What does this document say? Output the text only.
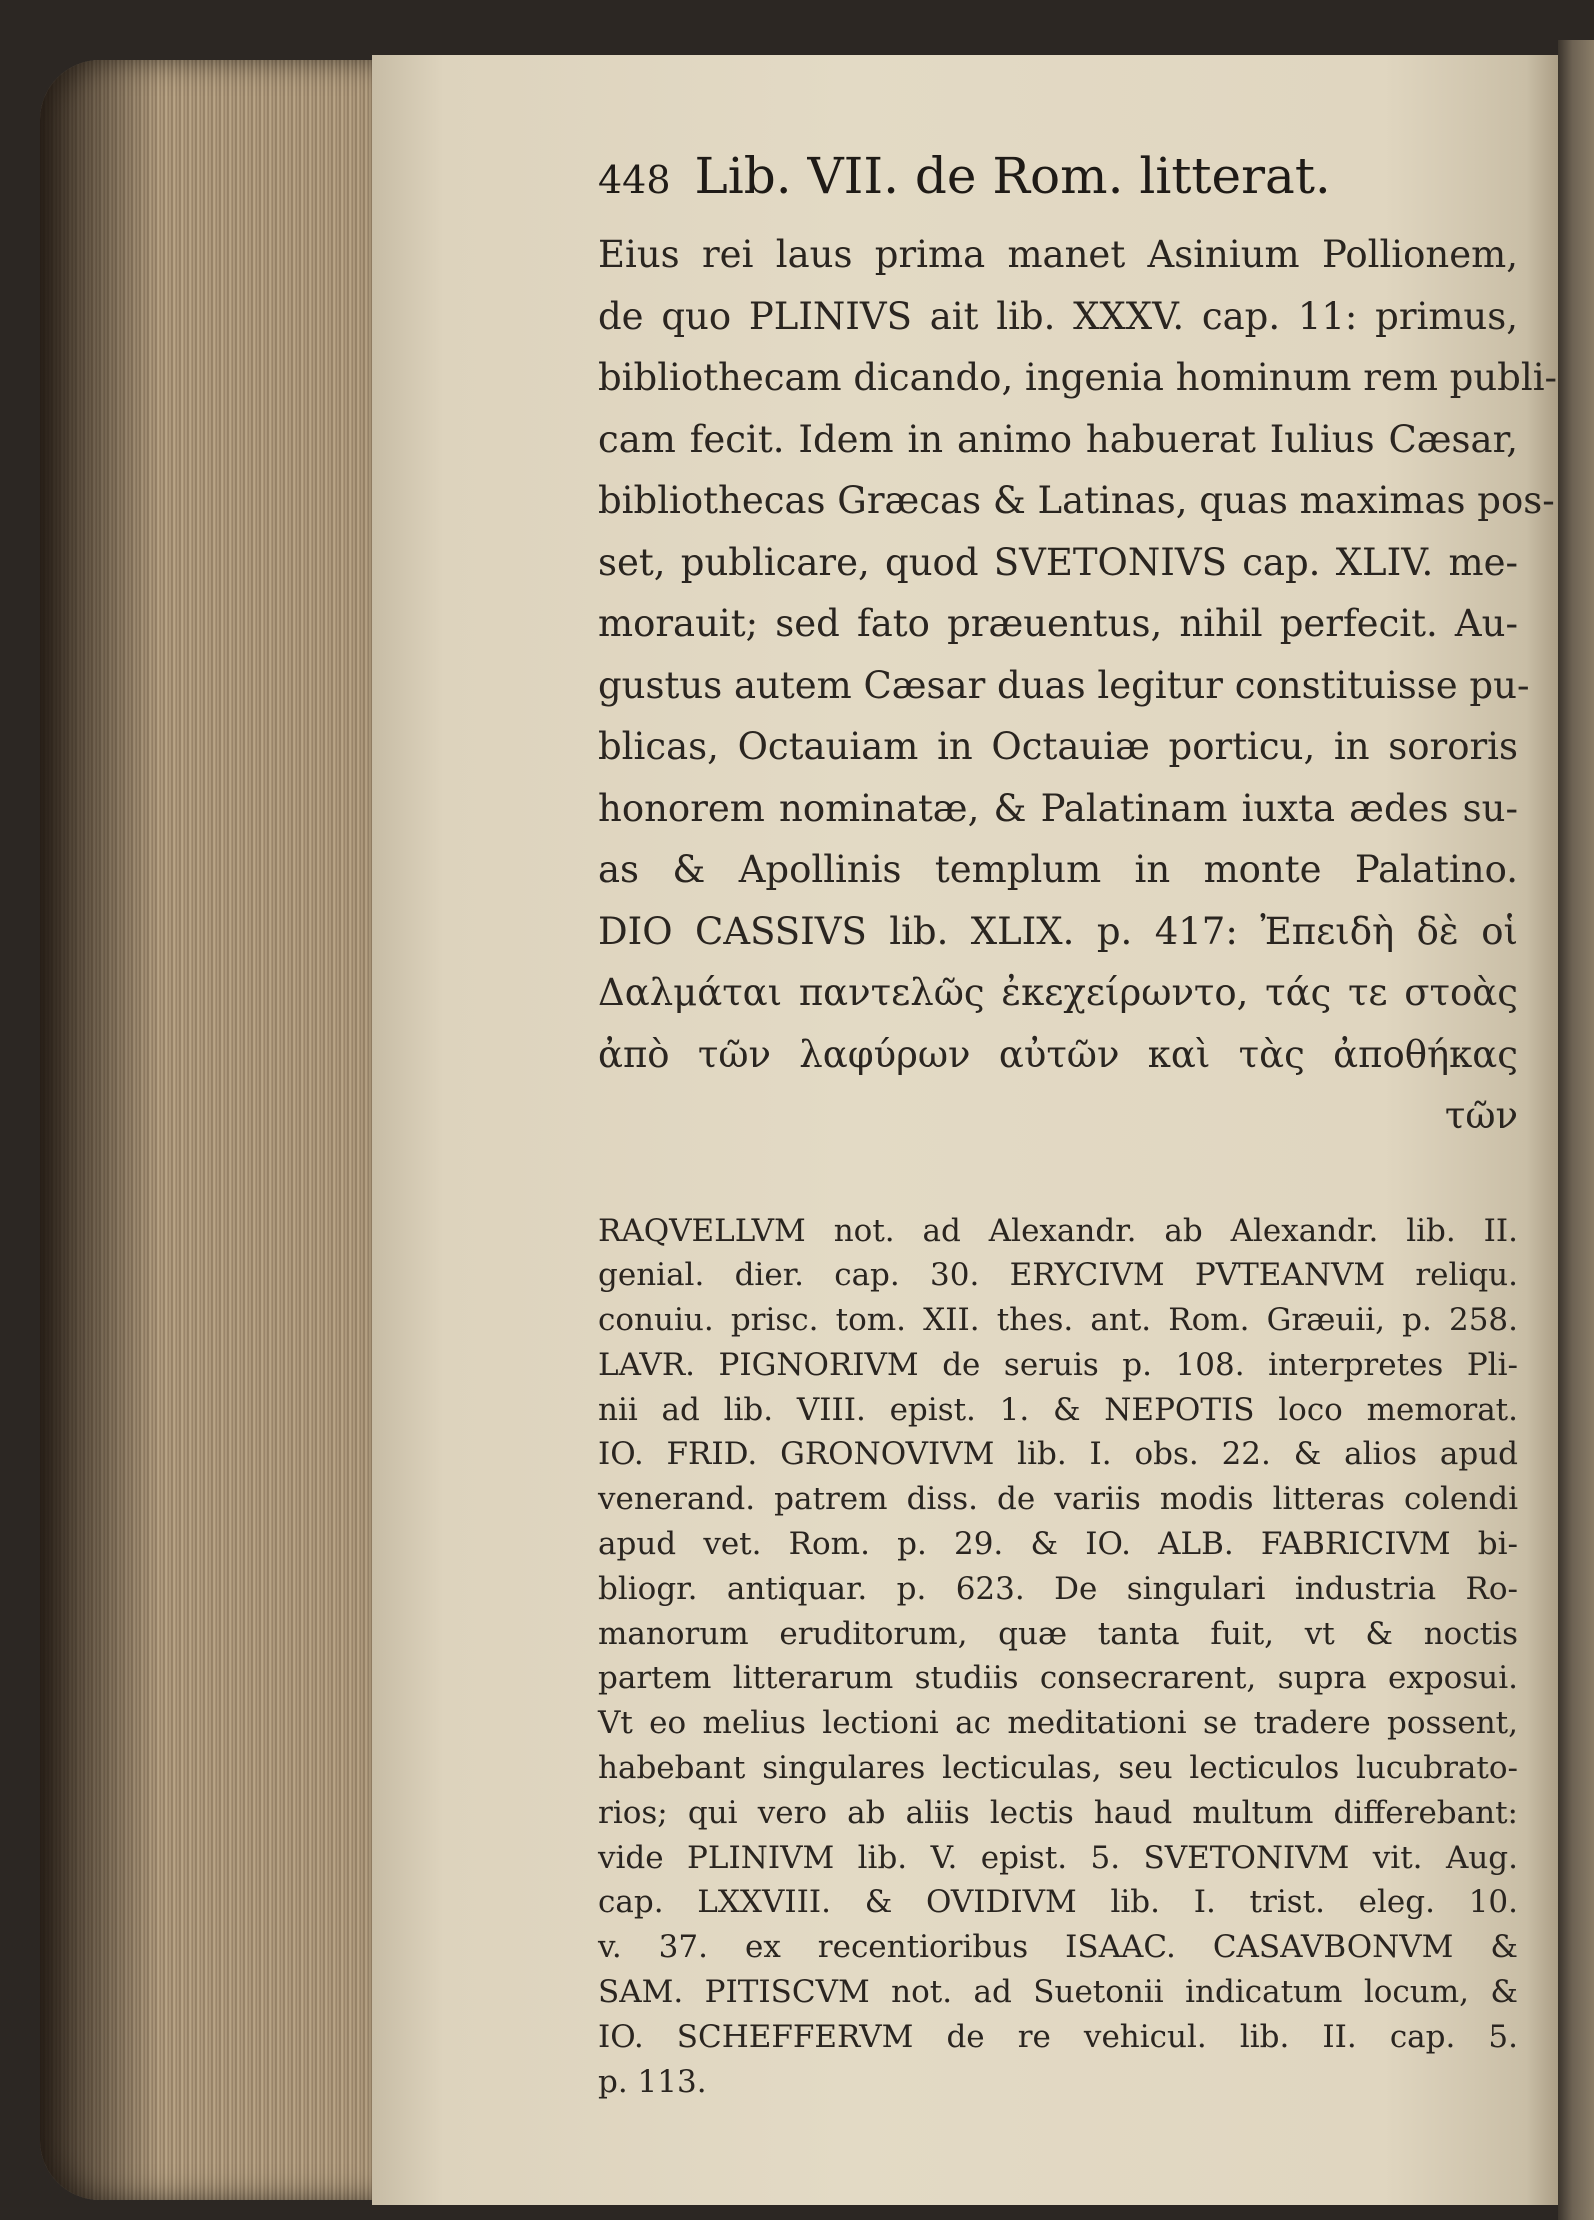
448 Lib. VII. de Rom. litterat.
Eius rei laus prima manet Asinium Pollionem,
de quo PLINIVS ait lib. XXXV. cap. 11: primus,
bibliothecam dicando, ingenia hominum rem publi-
cam fecit. Idem in animo habuerat Iulius Cæsar,
bibliothecas Græcas & Latinas, quas maximas pos-
set, publicare, quod SVETONIVS cap. XLIV. me-
morauit; sed fato præuentus, nihil perfecit. Au-
gustus autem Cæsar duas legitur constituisse pu-
blicas, Octauiam in Octauiæ porticu, in sororis
honorem nominatæ, & Palatinam iuxta ædes su-
as & Apollinis templum in monte Palatino.
DIO CASSIVS lib. XLIX. p. 417: Ἐπειδὴ δὲ οἱ
Δαλμάται παντελῶς ἐκεχείρωντο, τάς τε στοὰς
ἀπὸ τῶν λαφύρων αὐτῶν καὶ τὰς ἀποθήκας
τῶν
RAQVELLVM not. ad Alexandr. ab Alexandr. lib. II.
genial. dier. cap. 30. ERYCIVM PVTEANVM reliqu.
conuiu. prisc. tom. XII. thes. ant. Rom. Græuii, p. 258.
LAVR. PIGNORIVM de seruis p. 108. interpretes Pli-
nii ad lib. VIII. epist. 1. & NEPOTIS loco memorat.
IO. FRID. GRONOVIVM lib. I. obs. 22. & alios apud
venerand. patrem diss. de variis modis litteras colendi
apud vet. Rom. p. 29. & IO. ALB. FABRICIVM bi-
bliogr. antiquar. p. 623. De singulari industria Ro-
manorum eruditorum, quæ tanta fuit, vt & noctis
partem litterarum studiis consecrarent, supra exposui.
Vt eo melius lectioni ac meditationi se tradere possent,
habebant singulares lecticulas, seu lecticulos lucubrato-
rios; qui vero ab aliis lectis haud multum differebant:
vide PLINIVM lib. V. epist. 5. SVETONIVM vit. Aug.
cap. LXXVIII. & OVIDIVM lib. I. trist. eleg. 10.
v. 37. ex recentioribus ISAAC. CASAVBONVM &
SAM. PITISCVM not. ad Suetonii indicatum locum, &
IO. SCHEFFERVM de re vehicul. lib. II. cap. 5.
p. 113.
